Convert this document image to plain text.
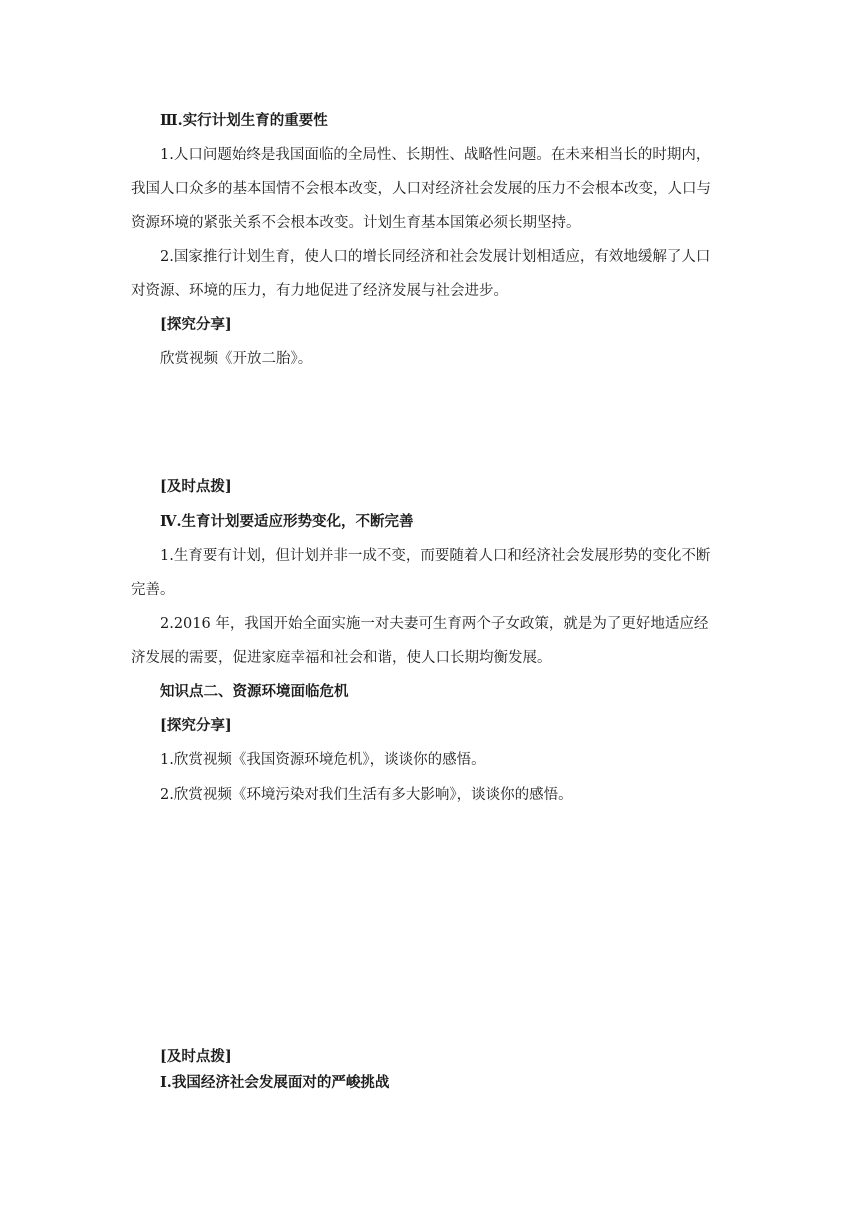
Ⅲ.实行计划生育的重要性
1.人口问题始终是我国面临的全局性、长期性、战略性问题。在未来相当长的时期内，
我国人口众多的基本国情不会根本改变，人口对经济社会发展的压力不会根本改变，人口与
资源环境的紧张关系不会根本改变。计划生育基本国策必须长期坚持。
2.国家推行计划生育，使人口的增长同经济和社会发展计划相适应，有效地缓解了人口
对资源、环境的压力，有力地促进了经济发展与社会进步。
[探究分享]
欣赏视频《开放二胎》。
[及时点拨]
Ⅳ.生育计划要适应形势变化，不断完善
1.生育要有计划，但计划并非一成不变，而要随着人口和经济社会发展形势的变化不断
完善。
2.2016 年，我国开始全面实施一对夫妻可生育两个子女政策，就是为了更好地适应经
济发展的需要，促进家庭幸福和社会和谐，使人口长期均衡发展。
知识点二、资源环境面临危机
[探究分享]
1.欣赏视频《我国资源环境危机》，谈谈你的感悟。
2.欣赏视频《环境污染对我们生活有多大影响》，谈谈你的感悟。
[及时点拨]
Ⅰ.我国经济社会发展面对的严峻挑战
